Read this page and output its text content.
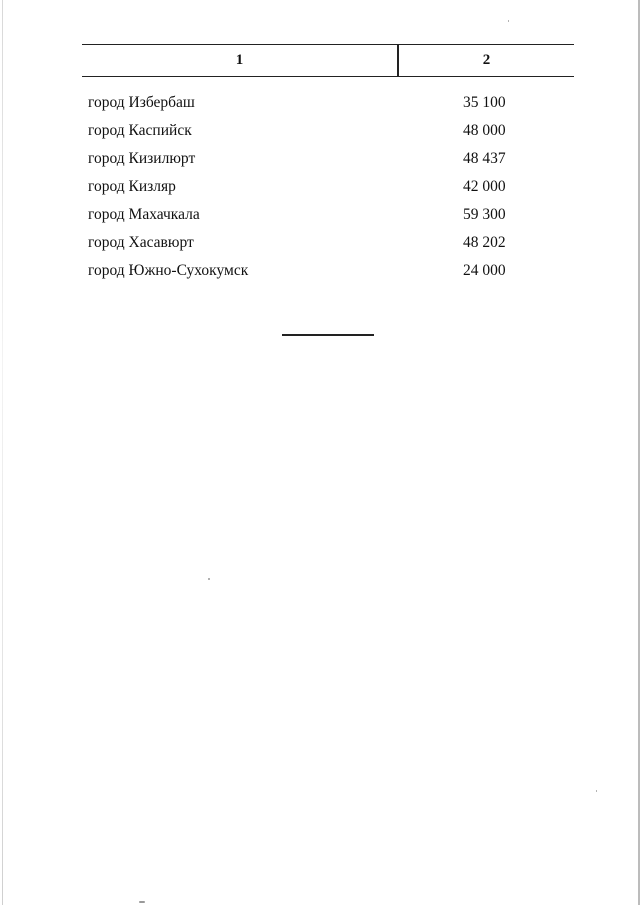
1	2
город Избербаш	35 100
город Каспийск	48 000
город Кизилюрт	48 437
город Кизляр	42 000
город Махачкала	59 300
город Хасавюрт	48 202
город Южно-Сухокумск	24 000
